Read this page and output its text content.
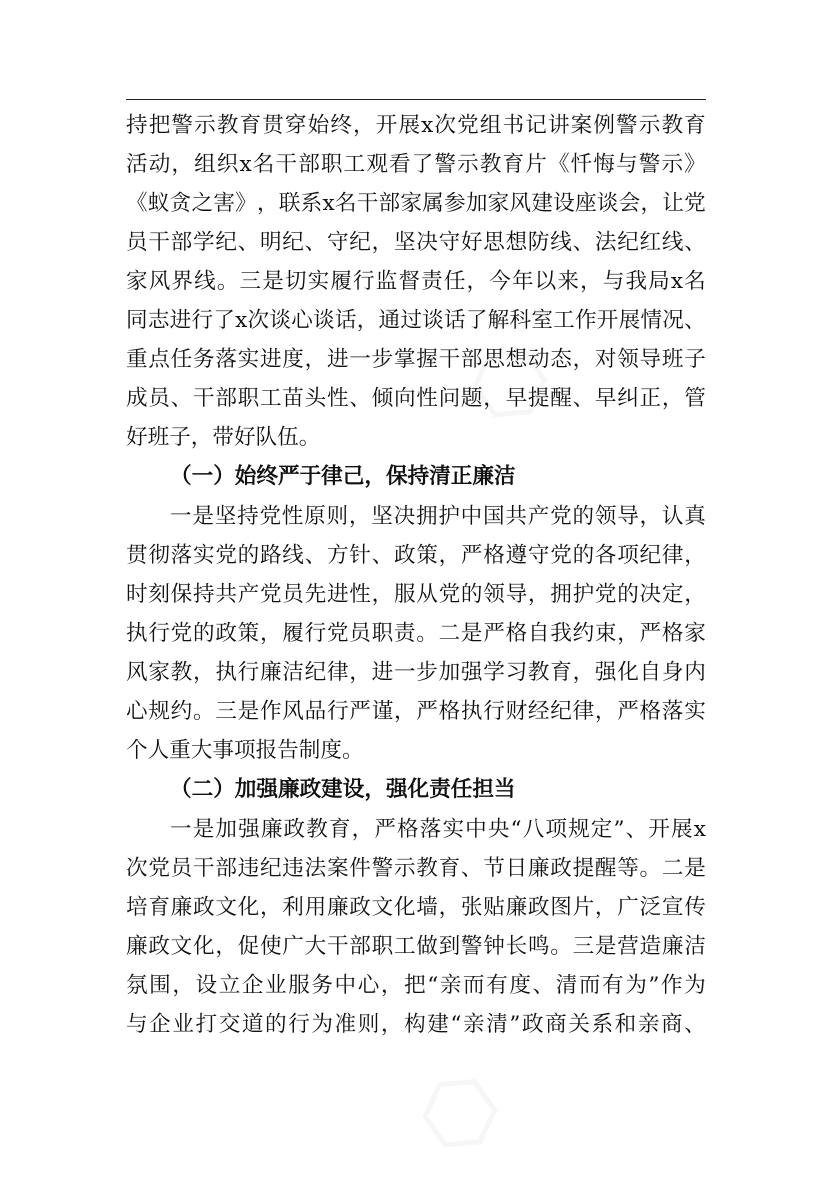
持 把 警 示 教 育 贯 穿 始 终 ， 开 展 x 次 党 组 书 记 讲 案 例 警 示 教 育
活 动 ， 组 织 x 名 干 部 职 工 观 看 了 警 示 教 育 片 《 忏 悔 与 警 示 》
《 蚁 贪 之 害 》 ， 联 系 x 名 干 部 家 属 参 加 家 风 建 设 座 谈 会 ， 让 党
员 干 部 学 纪 、 明 纪 、 守 纪 ， 坚 决 守 好 思 想 防 线 、 法 纪 红 线 、
家 风 界 线 。 三 是 切 实 履 行 监 督 责 任 ， 今 年 以 来 ， 与 我 局 x 名
同 志 进 行 了 x 次 谈 心 谈 话 ， 通 过 谈 话 了 解 科 室 工 作 开 展 情 况 、
重 点 任 务 落 实 进 度 ， 进 一 步 掌 握 干 部 思 想 动 态 ， 对 领 导 班 子
成 员 、 干 部 职 工 苗 头 性 、 倾 向 性 问 题 ， 早 提 醒 、 早 纠 正 ， 管
好班子，带好队伍。
（一）始终严于律己，保持清正廉洁
一 是 坚 持 党 性 原 则 ， 坚 决 拥 护 中 国 共 产 党 的 领 导 ， 认 真
贯 彻 落 实 党 的 路 线 、 方 针 、 政 策 ， 严 格 遵 守 党 的 各 项 纪 律 ，
时 刻 保 持 共 产 党 员 先 进 性 ， 服 从 党 的 领 导 ， 拥 护 党 的 决 定 ，
执 行 党 的 政 策 ， 履 行 党 员 职 责 。 二 是 严 格 自 我 约 束 ， 严 格 家
风 家 教 ， 执 行 廉 洁 纪 律 ， 进 一 步 加 强 学 习 教 育 ， 强 化 自 身 内
心 规 约 。 三 是 作 风 品 行 严 谨 ， 严 格 执 行 财 经 纪 律 ， 严 格 落 实
个人重大事项报告制度。
（二）加强廉政建设，强化责任担当
一 是 加 强 廉 政 教 育 ， 严 格 落 实 中 央 “ 八 项 规 定 ” 、 开 展 x
次 党 员 干 部 违 纪 违 法 案 件 警 示 教 育 、 节 日 廉 政 提 醒 等 。 二 是
培 育 廉 政 文 化 ， 利 用 廉 政 文 化 墙 ， 张 贴 廉 政 图 片 ， 广 泛 宣 传
廉 政 文 化 ， 促 使 广 大 干 部 职 工 做 到 警 钟 长 鸣 。 三 是 营 造 廉 洁
氛 围 ， 设 立 企 业 服 务 中 心 ， 把 “ 亲 而 有 度 、 清 而 有 为 ” 作 为
与 企 业 打 交 道 的 行 为 准 则 ， 构 建 “ 亲 清 ” 政 商 关 系 和 亲 商 、
